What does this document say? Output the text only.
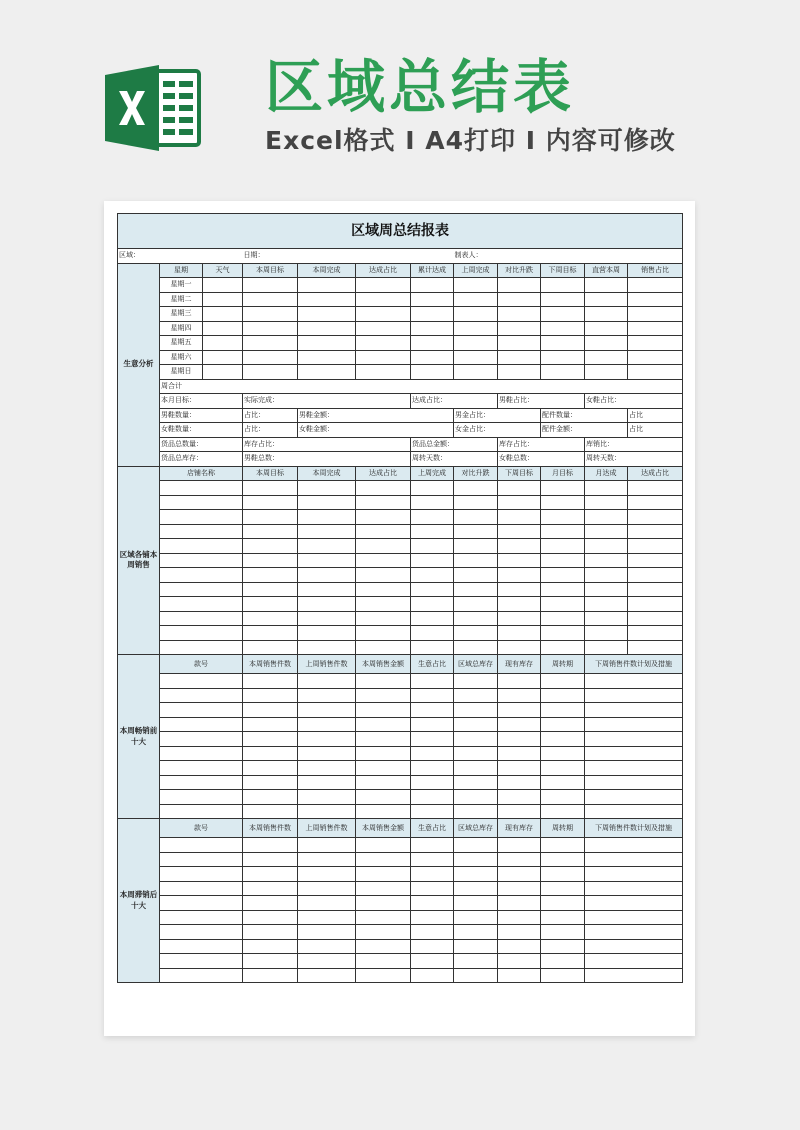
区域总结表
Excel格式 I A4打印 I 内容可修改
区域周总结报表											
区域：			日期：				制表人：				
生意分析	星期	天气	本周目标	本周完成	达成占比	累计达成	上周完成	对比升跌	下周目标	直营本周	销售占比
	星期一										
	星期二										
	星期三										
	星期四										
	星期五										
	星期六										
	星期日										
	周合计										
	本月目标：		实际完成：			达成占比：		男鞋占比：		女鞋占比：	
	男鞋数量：		占比：	男鞋金额：			男金占比：		配件数量：		占比
	女鞋数量：		占比：	女鞋金额：			女金占比：		配件金额：		占比
	货品总数量：		库存占比：			货品总金额：		库存占比：		库销比：	
	货品总库存：		男鞋总数：			周转天数：		女鞋总数：		周转天数：	
区域各铺本周销售	店铺名称		本周目标	本周完成	达成占比	上周完成	对比升跌	下周目标	月目标	月达成	达成占比

本周畅销前十大	款号		本周销售件数	上周销售件数	本周销售金额	生意占比	区域总库存	现有库存	周转期	下周销售件数计划及措施	

本周滞销后十大	款号		本周销售件数	上周销售件数	本周销售金额	生意占比	区域总库存	现有库存	周转期	下周销售件数计划及措施	
